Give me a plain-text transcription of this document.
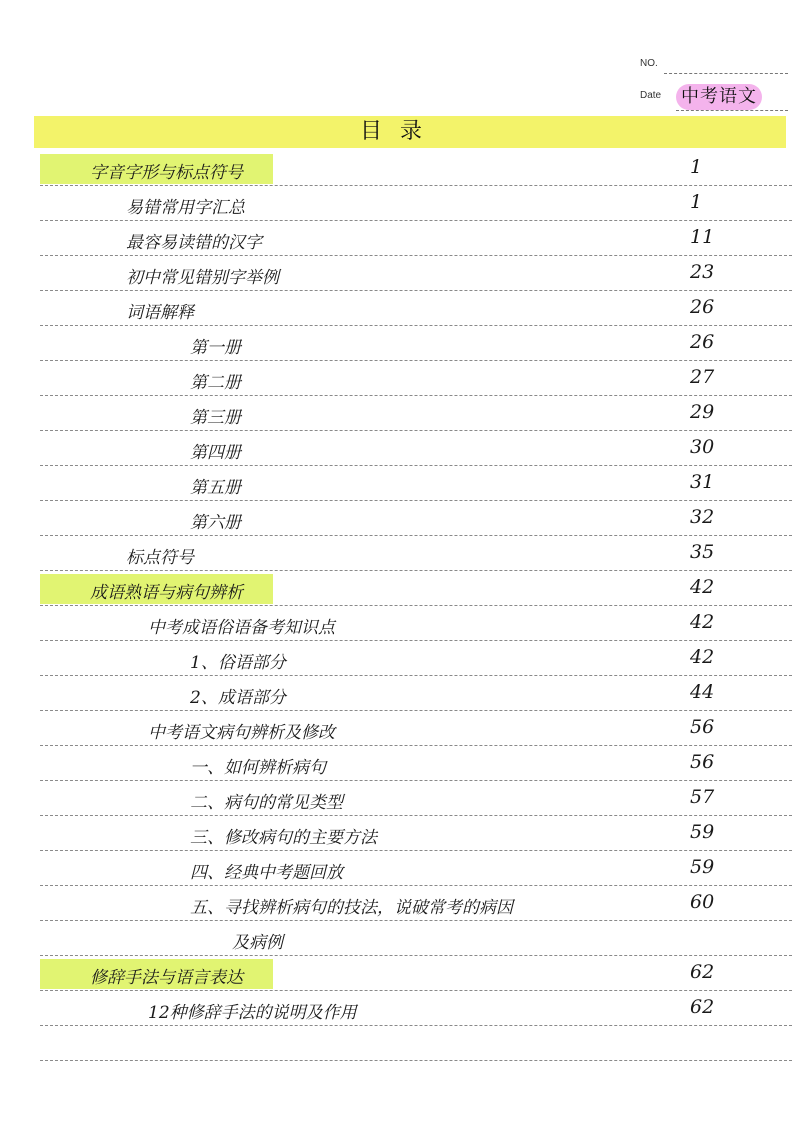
NO.
Date 中考语文
目录
字音字形与标点符号	1
易错常用字汇总	1
最容易读错的汉字	11
初中常见错别字举例	23
词语解释	26
第一册	26
第二册	27
第三册	29
第四册	30
第五册	31
第六册	32
标点符号	35
成语熟语与病句辨析	42
中考成语俗语备考知识点	42
1、俗语部分	42
2、成语部分	44
中考语文病句辨析及修改	56
一、如何辨析病句	56
二、病句的常见类型	57
三、修改病句的主要方法	59
四、经典中考题回放	59
五、寻找辨析病句的技法，说破常考的病因	60
及病例
修辞手法与语言表达	62
12种修辞手法的说明及作用	62
